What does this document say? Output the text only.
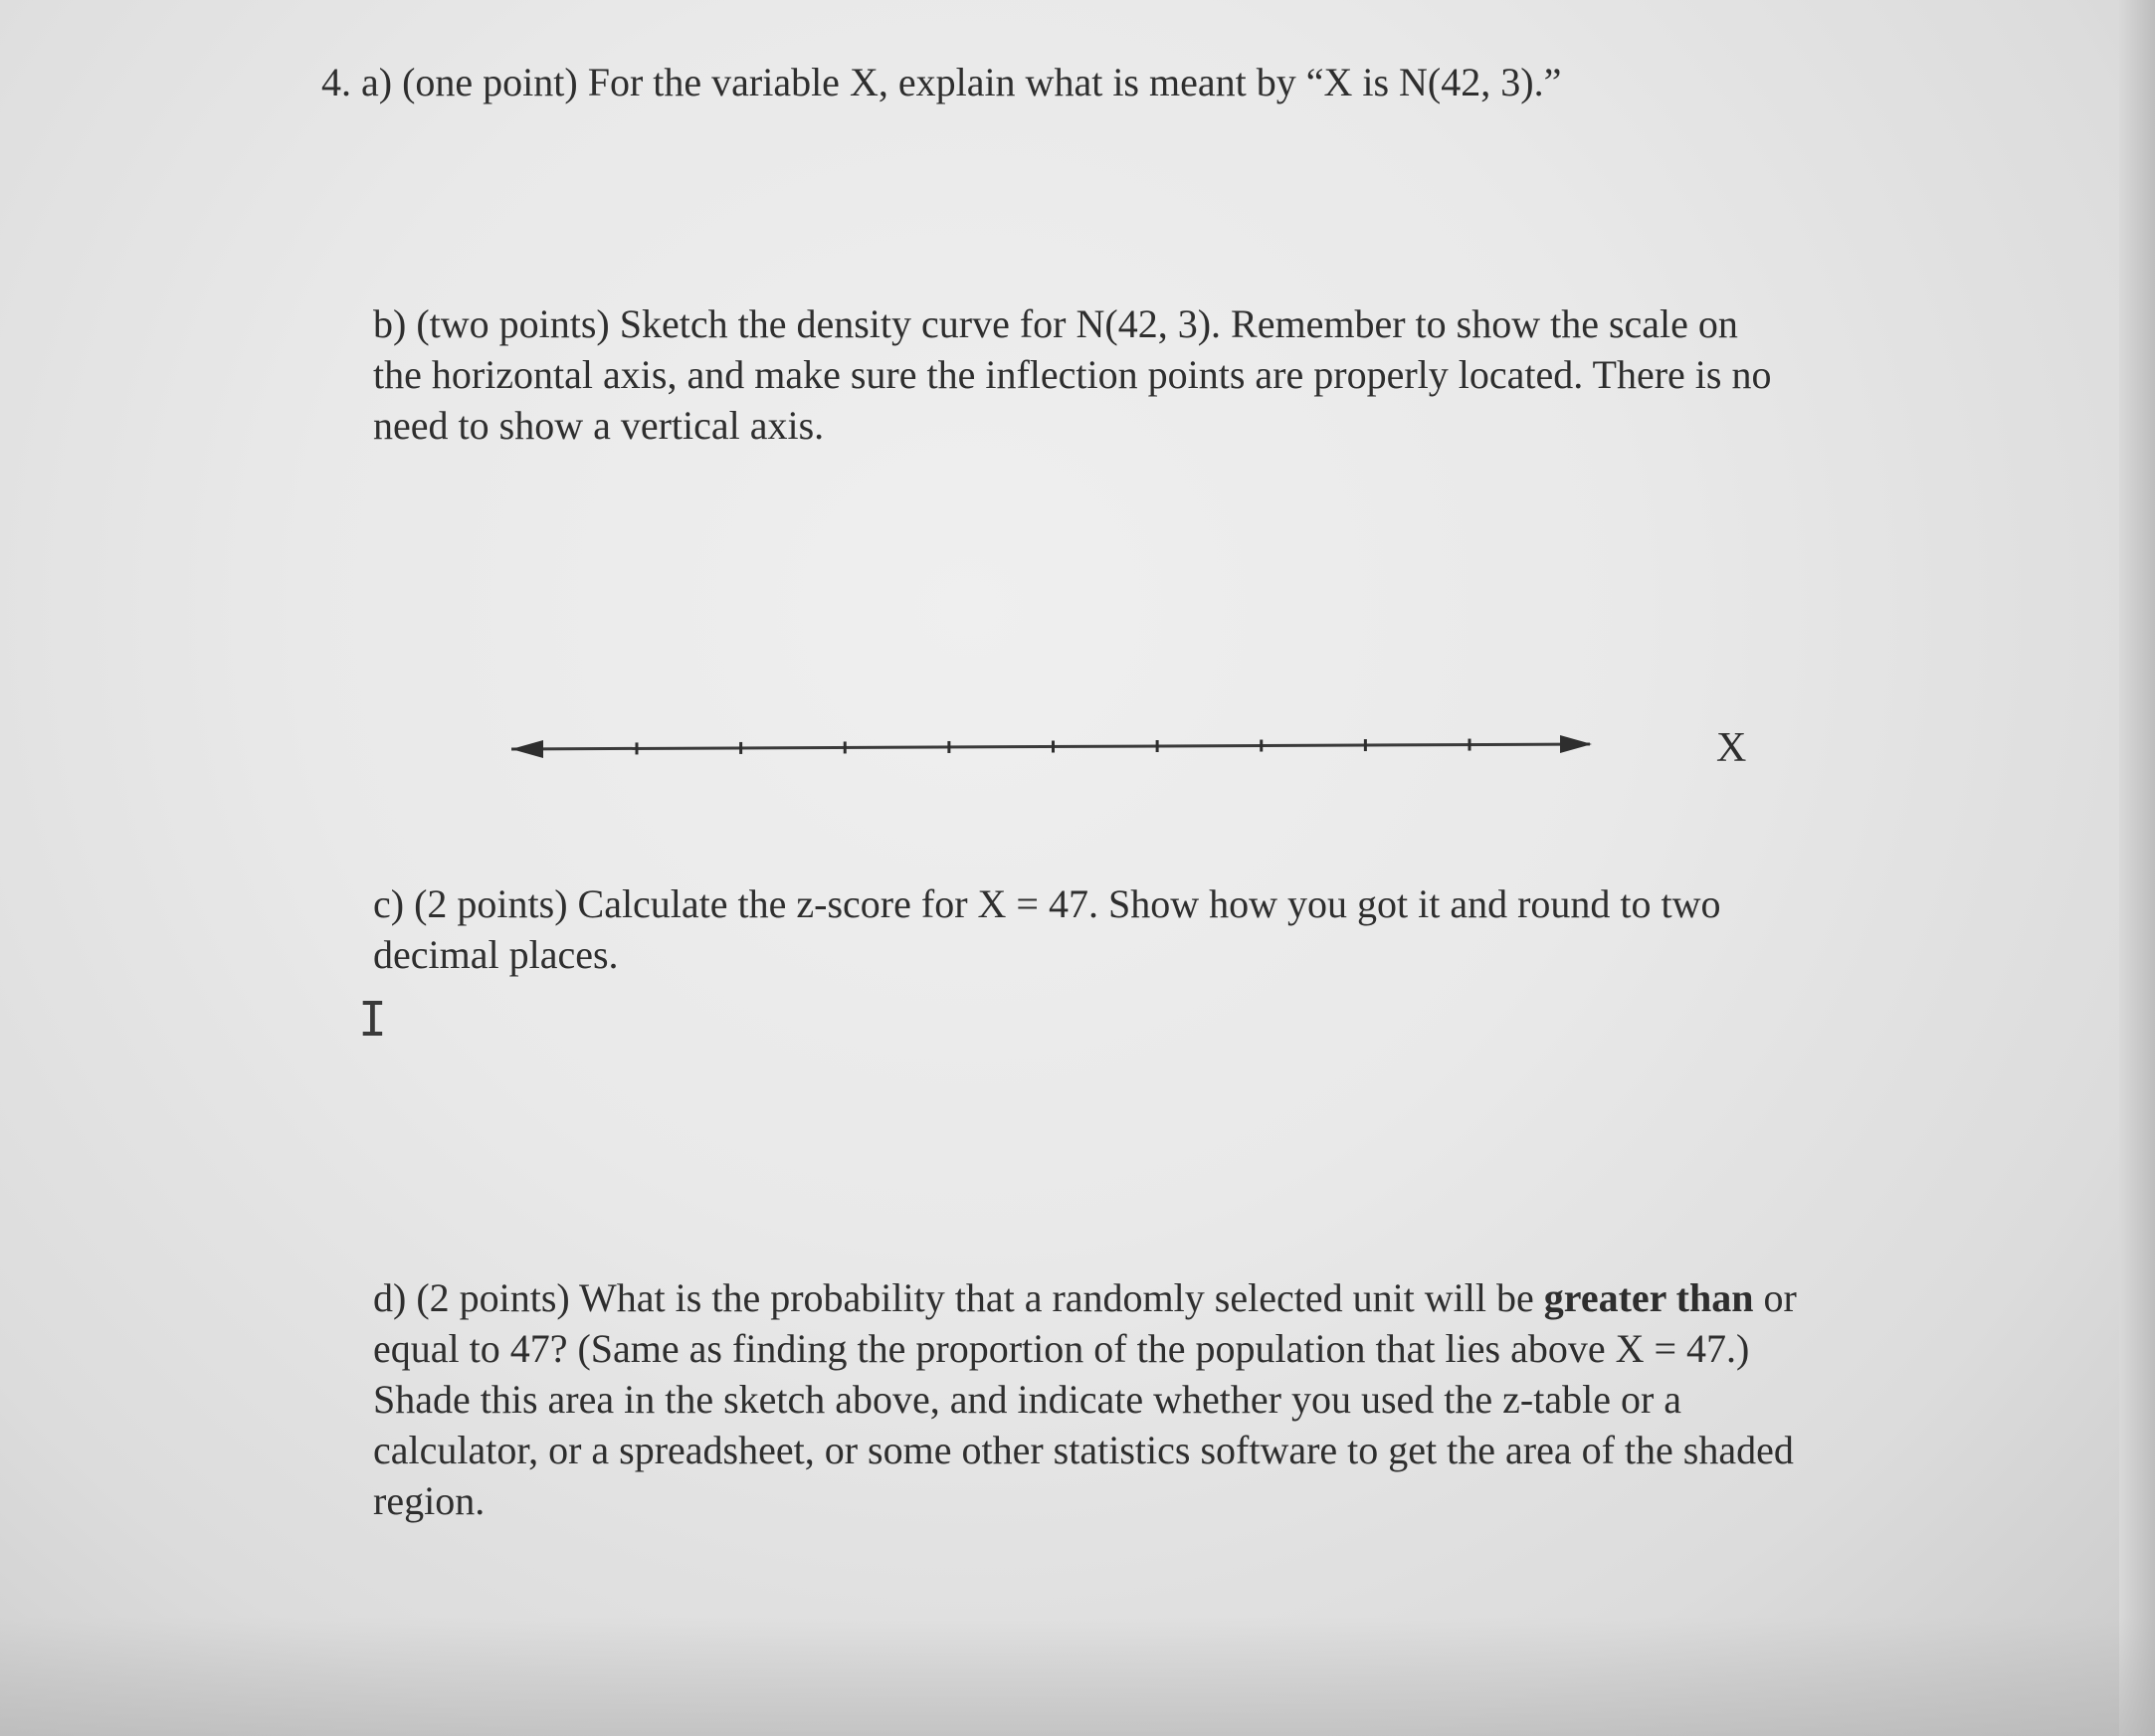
4. a) (one point) For the variable X, explain what is meant by “X is N(42, 3).”
b) (two points) Sketch the density curve for N(42, 3). Remember to show the scale on
the horizontal axis, and make sure the inflection points are properly located. There is no
need to show a vertical axis.
X
c) (2 points) Calculate the z-score for X = 47. Show how you got it and round to two
decimal places.
I
d) (2 points) What is the probability that a randomly selected unit will be greater than or
equal to 47? (Same as finding the proportion of the population that lies above X = 47.)
Shade this area in the sketch above, and indicate whether you used the z-table or a
calculator, or a spreadsheet, or some other statistics software to get the area of the shaded
region.
